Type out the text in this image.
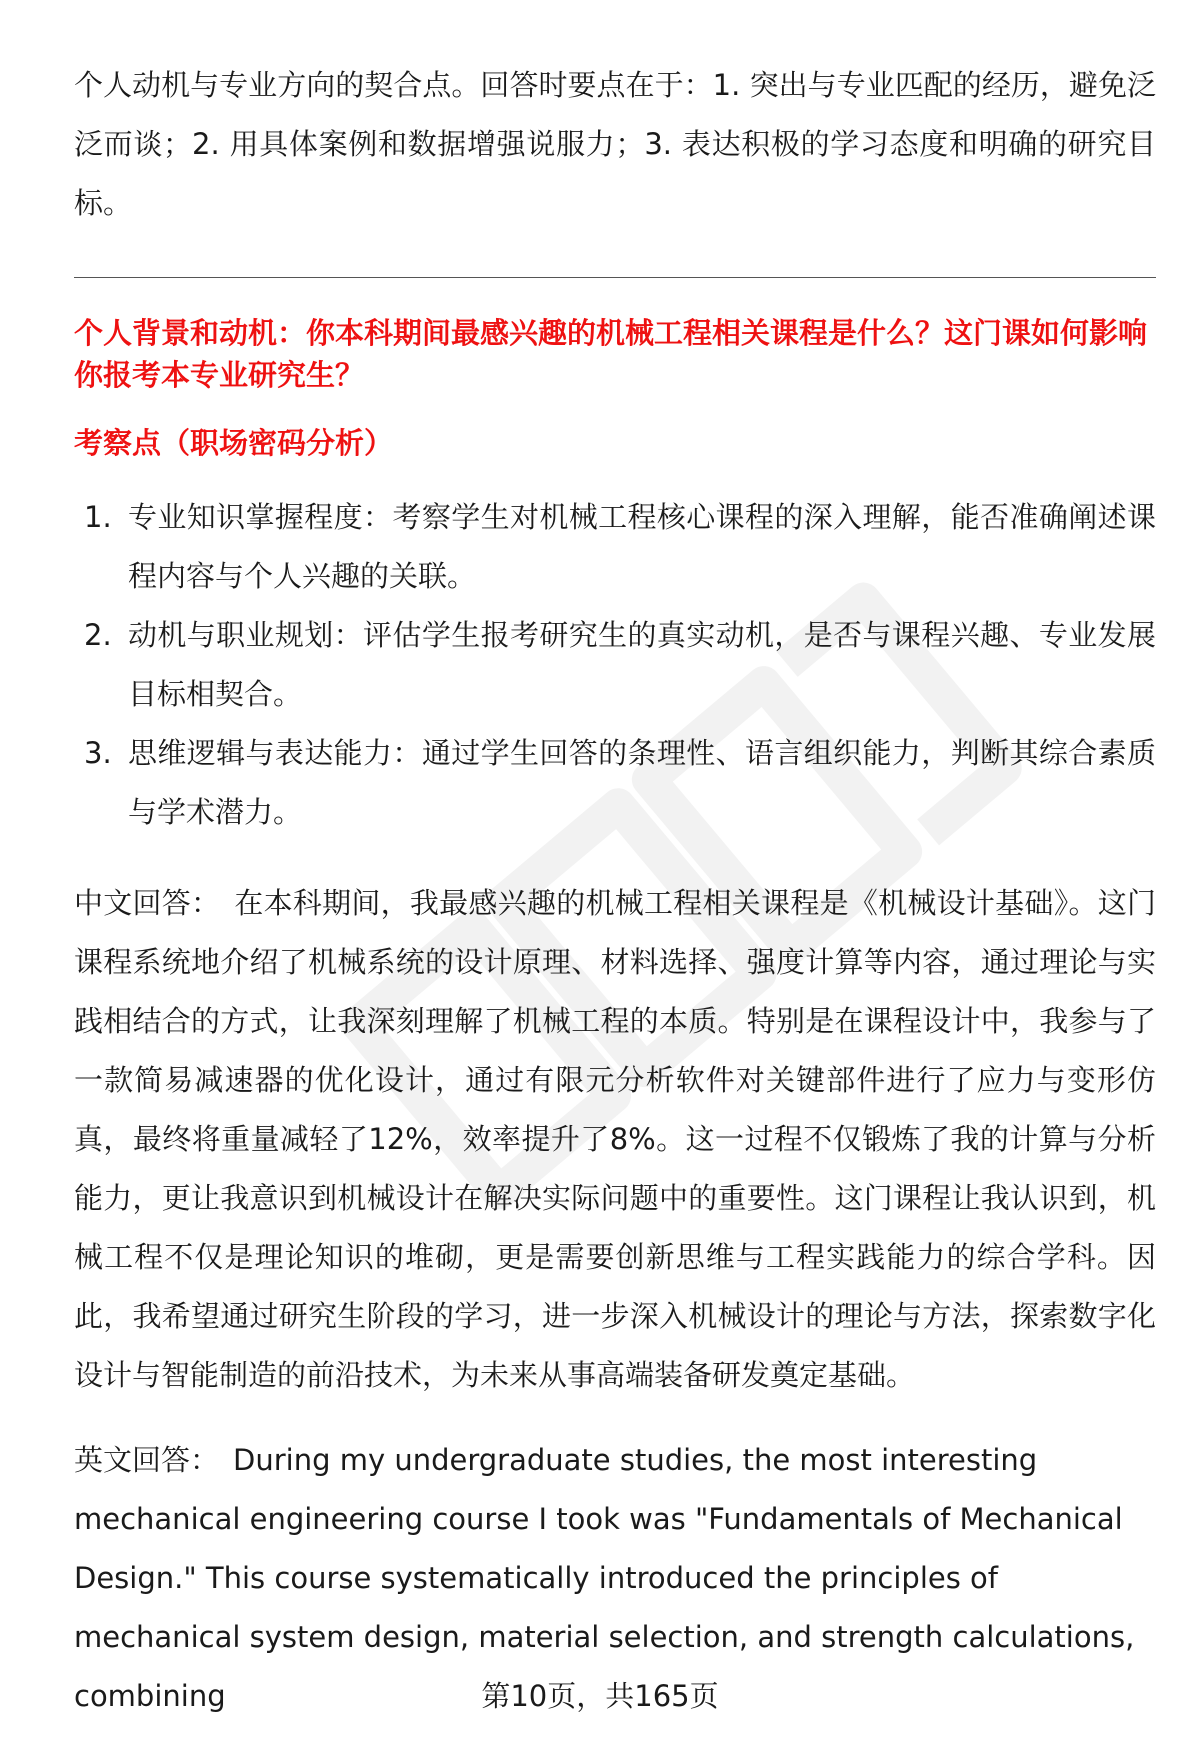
个人动机与专业方向的契合点。回答时要点在于：1. 突出与专业匹配的经历，避免泛泛而谈；2. 用具体案例和数据增强说服力；3. 表达积极的学习态度和明确的研究目标。

个人背景和动机：你本科期间最感兴趣的机械工程相关课程是什么？这门课如何影响你报考本专业研究生？

考察点（职场密码分析）

1. 专业知识掌握程度：考察学生对机械工程核心课程的深入理解，能否准确阐述课程内容与个人兴趣的关联。
2. 动机与职业规划：评估学生报考研究生的真实动机，是否与课程兴趣、专业发展目标相契合。
3. 思维逻辑与表达能力：通过学生回答的条理性、语言组织能力，判断其综合素质与学术潜力。

中文回答： 在本科期间，我最感兴趣的机械工程相关课程是《机械设计基础》。这门课程系统地介绍了机械系统的设计原理、材料选择、强度计算等内容，通过理论与实践相结合的方式，让我深刻理解了机械工程的本质。特别是在课程设计中，我参与了一款简易减速器的优化设计，通过有限元分析软件对关键部件进行了应力与变形仿真，最终将重量减轻了12%，效率提升了8%。这一过程不仅锻炼了我的计算与分析能力，更让我意识到机械设计在解决实际问题中的重要性。这门课程让我认识到，机械工程不仅是理论知识的堆砌，更是需要创新思维与工程实践能力的综合学科。因此，我希望通过研究生阶段的学习，进一步深入机械设计的理论与方法，探索数字化设计与智能制造的前沿技术，为未来从事高端装备研发奠定基础。

英文回答： During my undergraduate studies, the most interesting mechanical engineering course I took was "Fundamentals of Mechanical Design." This course systematically introduced the principles of mechanical system design, material selection, and strength calculations, combining	第10页，共165页
